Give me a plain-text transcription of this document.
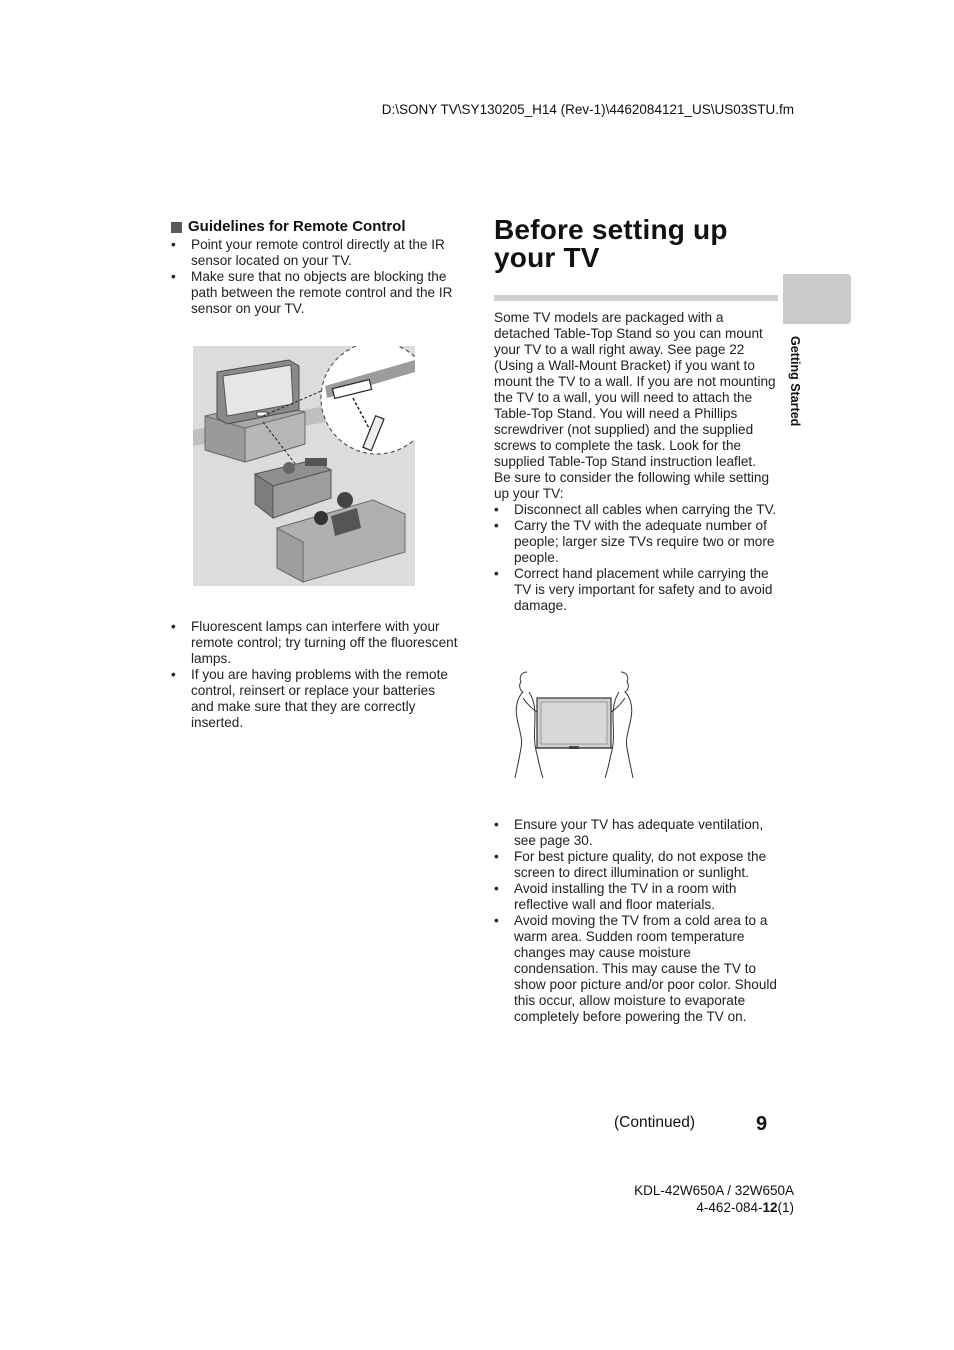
D:\SONY TV\SY130205_H14 (Rev-1)\4462084121_US\US03STU.fm
Guidelines for Remote Control
• Point your remote control directly at the IR sensor located on your TV.
• Make sure that no objects are blocking the path between the remote control and the IR sensor on your TV.
• Fluorescent lamps can interfere with your remote control; try turning off the fluorescent lamps.
• If you are having problems with the remote control, reinsert or replace your batteries and make sure that they are correctly inserted.
Before setting up
your TV

Some TV models are packaged with a detached Table-Top Stand so you can mount your TV to a wall right away. See page 22 (Using a Wall-Mount Bracket) if you want to mount the TV to a wall. If you are not mounting the TV to a wall, you will need to attach the Table-Top Stand. You will need a Phillips screwdriver (not supplied) and the supplied screws to complete the task. Look for the supplied Table-Top Stand instruction leaflet.

Be sure to consider the following while setting up your TV:

• Disconnect all cables when carrying the TV.
• Carry the TV with the adequate number of people; larger size TVs require two or more people.
• Correct hand placement while carrying the TV is very important for safety and to avoid damage.
• Ensure your TV has adequate ventilation, see page 30.
• For best picture quality, do not expose the screen to direct illumination or sunlight.
• Avoid installing the TV in a room with reflective wall and floor materials.
• Avoid moving the TV from a cold area to a warm area. Sudden room temperature changes may cause moisture condensation. This may cause the TV to show poor picture and/or poor color. Should this occur, allow moisture to evaporate completely before powering the TV on.
Getting Started
(Continued)	9
KDL-42W650A / 32W650A
4-462-084-12(1)
